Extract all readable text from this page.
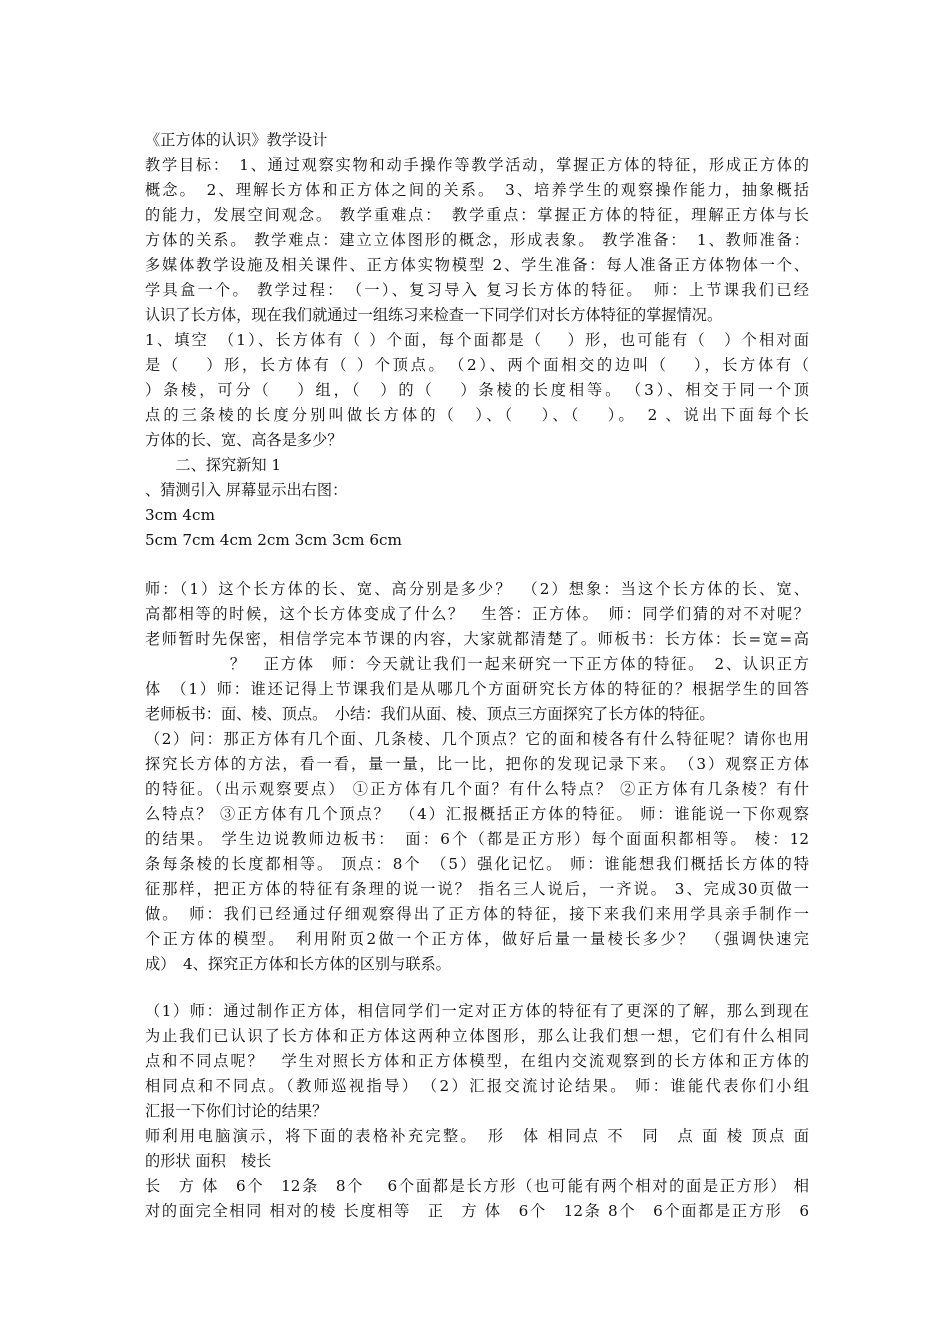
《正方体的认识》教学设计
教学目标：　1、通过观察实物和动手操作等教学活动，掌握正方体的特征，形成正方体的
概念。　2、理解长方体和正方体之间的关系。　3、培养学生的观察操作能力，抽象概括
的能力，发展空间观念。 教学重难点：　教学重点：掌握正方体的特征，理解正方体与长
方体的关系。 教学难点：建立立体图形的概念，形成表象。 教学准备：　1、教师准备：
多媒体教学设施及相关课件、正方体实物模型 2、学生准备：每人准备正方体物体一个、
学具盒一个。 教学过程：　（一）、复习导入 复习长方体的特征。　师：上节课我们已经
认识了长方体，现在我们就通过一组练习来检查一下同学们对长方体特征的掌握情况。
1、填空　（1）、长方体有（ ）个面，每个面都是（　 ）形，也可能有（　）个相对面
是（　 ）形，长方体有（ ）个顶点。　（2）、两个面相交的边叫（　 ），长方体有（
）条棱，可分（　 ）组，（　）的（　 ）条棱的长度相等。　（3）、相交于同一个顶
点的三条棱的长度分别叫做长方体的（　）、（　 ）、（　 ）。　2 、说出下面每个长
方体的长、宽、高各是多少？
　　二、探究新知 1
、猜测引入 屏幕显示出右图：
3cm 4cm
5cm 7cm 4cm 2cm 3cm 3cm 6cm
师：（1）这个长方体的长、宽、高分别是多少？　（2）想象：当这个长方体的长、宽、
高都相等的时候，这个长方体变成了什么？　生答：正方体。　师：同学们猜的对不对呢？
老师暂时先保密，相信学完本节课的内容，大家就都清楚了。师板书：长方体：长=宽=高
　　　　　？　正方体　师：今天就让我们一起来研究一下正方体的特征。　2、认识正方
体　（1）师：谁还记得上节课我们是从哪几个方面研究长方体的特征的？根据学生的回答
老师板书：面、棱、顶点。　小结：我们从面、棱、顶点三方面探究了长方体的特征。
（2）问：那正方体有几个面、几条棱、几个顶点？它的面和棱各有什么特征呢？请你也用
探究长方体的方法，看一看，量一量，比一比，把你的发现记录下来。　（3）观察正方体
的特征。（出示观察要点） ①正方体有几个面？有什么特点？ ②正方体有几条棱？有什
么特点？ ③正方体有几个顶点？　（4）汇报概括正方体的特征。 师：谁能说一下你观察
的结果。 学生边说教师边板书：　面：6个（都是正方形）每个面面积都相等。 棱：12
条每条棱的长度都相等。 顶点：8个　（5）强化记忆。 师：谁能想我们概括长方体的特
征那样，把正方体的特征有条理的说一说？ 指名三人说后，一齐说。 3、完成30页做一
做。　师：我们已经通过仔细观察得出了正方体的特征，接下来我们来用学具亲手制作一
个正方体的模型。　利用附页2做一个正方体，做好后量一量棱长多少？　（强调快速完
成）　4、探究正方体和长方体的区别与联系。
（1）师：通过制作正方体，相信同学们一定对正方体的特征有了更深的了解，那么到现在
为止我们已认识了长方体和正方体这两种立体图形，那么让我们想一想，它们有什么相同
点和不同点呢？　学生对照长方体和正方体模型，在组内交流观察到的长方体和正方体的
相同点和不同点。（教师巡视指导）　（2）汇报交流讨论结果。 师：谁能代表你们小组
汇报一下你们讨论的结果？
师利用电脑演示，将下面的表格补充完整。　形　体 相同点 不　同　点 面 棱 顶点 面
的形状 面积　棱长
长　方 体　6个　12条　8个　 6个面都是长方形（也可能有两个相对的面是正方形） 相
对的面完全相同 相对的棱 长度相等　正　方 体　6个　12条 8个　6个面都是正方形　6
